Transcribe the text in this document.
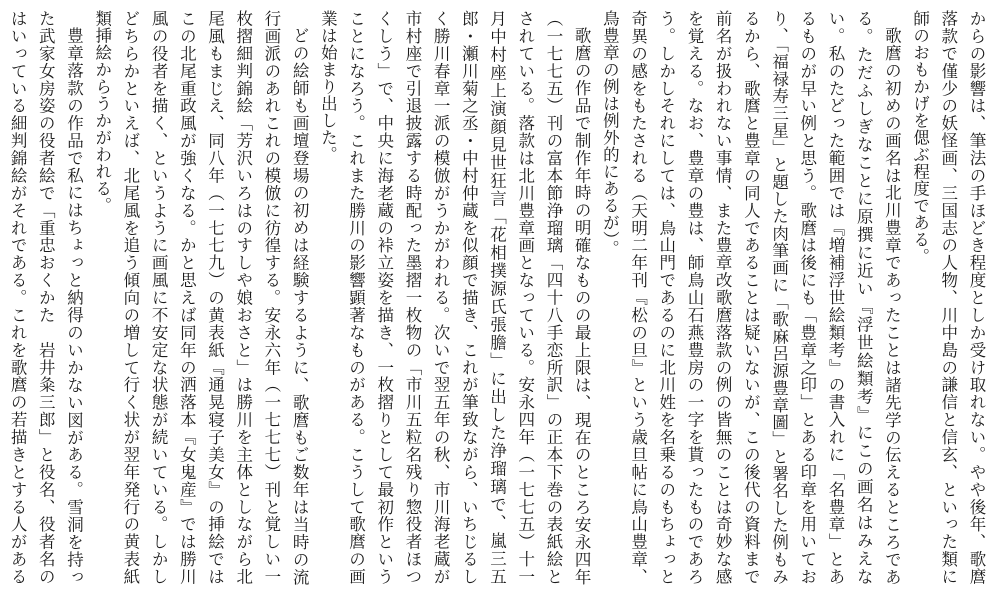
からの影響は、筆法の手ほどき程度としか受け取れない。やや後年、歌麿落款で僅少の妖怪画、三国志の人物、川中島の謙信と信玄、といった類に師のおもかげを偲ぶ程度である。

歌麿の初めの画名は北川豊章であったことは諸先学の伝えるところである。ただふしぎなことに原撰に近い『浮世絵類考』にこの画名はみえない。私のたどった範囲では『増補浮世絵類考』の書入れに「名豊章」とあるものが早い例と思う。歌麿は後にも「豊章之印」とある印章を用いており、「福禄寿三星」と題した肉筆画に「歌麻呂源豊章圖」と署名した例もみるから、歌麿と豊章の同人であることは疑いないが、この後代の資料まで前名が扱われない事情、また豊章改歌麿落款の例の皆無のことは奇妙な感を覚える。なお、豊章の豊は、師鳥山石燕豊房の一字を貰ったものであろう。しかしそれにしては、鳥山門であるのに北川姓を名乗るのもちょっと奇異の感をもたされる（天明二年刊『松の旦』という歳旦帖に鳥山豊章、鳥豊章の例は例外的にあるが）。

歌麿の作品で制作年時の明確なものの最上限は、現在のところ安永四年（一七七五）刊の富本節浄瑠璃「四十八手恋所訳」の正本下巻の表紙絵とされている。落款は北川豊章画となっている。安永四年（一七七五）十一月中村座上演顔見世狂言「花相撲源氏張膽」に出した浄瑠璃で、嵐三五郎・瀬川菊之丞・中村仲蔵を似顔で描き、これが筆致ながら、いちじるしく勝川春章一派の模倣がうかがわれる。次いで翌五年の秋、市川海老蔵が市村座で引退披露する時配った墨摺一枚物の「市川五粒名残り惣役者ほつくしう」で、中央に海老蔵の裃立姿を描き、一枚摺りとして最初作ということになろう。これまた勝川の影響顕著なものがある。こうして歌麿の画業は始まり出した。

どの絵師も画壇登場の初めは経験するように、歌麿もご数年は当時の流行画派のあれこれの模倣に彷徨する。安永六年（一七七七）刊と覚しい一枚摺細判錦絵「芳沢いろはのすしや娘おさと」は勝川を主体としながら北尾風もまじえ、同八年（一七七九）の黄表紙『通晃寝子美女』の挿絵ではこの北尾重政風が強くなる。かと思えば同年の洒落本『女鬼産』では勝川風の役者を描く、というように画風に不安定な状態が続いている。しかしどちらかといえば、北尾風を追う傾向の増して行く状が翌年発行の黄表紙類挿絵からうかがわれる。

豊章落款の作品で私にはちょっと納得のいかない図がある。雪洞を持った武家女房姿の役者絵で「重忠おくかた　岩井粂三郎」と役名、役者名のはいっている細判錦絵がそれである。これを歌麿の若描きとする人がある
